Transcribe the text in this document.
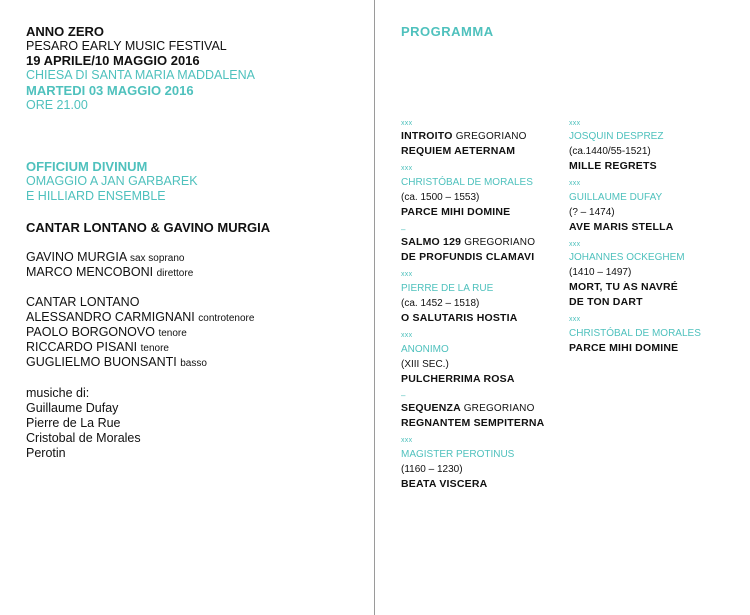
ANNO ZERO
PESARO EARLY MUSIC FESTIVAL
19 APRILE/10 MAGGIO 2016
CHIESA DI SANTA MARIA MADDALENA
MARTEDI 03 MAGGIO 2016
ORE 21.00
OFFICIUM DIVINUM
OMAGGIO A JAN GARBAREK
E HILLIARD ENSEMBLE
CANTAR LONTANO & GAVINO MURGIA
GAVINO MURGIA sax soprano
MARCO MENCOBONI direttore
CANTAR LONTANO
ALESSANDRO CARMIGNANI controtenore
PAOLO BORGONOVO tenore
RICCARDO PISANI tenore
GUGLIELMO BUONSANTI basso
musiche di:
Guillaume Dufay
Pierre de La Rue
Cristobal de Morales
Perotin
PROGRAMMA
xxx
INTROITO GREGORIANO
REQUIEM AETERNAM
xxx
CHRISTÓBAL DE MORALES
(ca. 1500 – 1553)
PARCE MIHI DOMINE
–
SALMO 129 GREGORIANO
DE PROFUNDIS CLAMAVI
xxx
PIERRE DE LA RUE
(ca. 1452 – 1518)
O SALUTARIS HOSTIA
xxx
ANONIMO
(XIII SEC.)
PULCHERRIMA ROSA
–
SEQUENZA GREGORIANO
REGNANTEM SEMPITERNA
xxx
MAGISTER PEROTINUS
(1160 – 1230)
BEATA VISCERA
xxx
JOSQUIN DESPREZ
(ca.1440/55-1521)
MILLE REGRETS
xxx
GUILLAUME DUFAY
(? – 1474)
AVE MARIS STELLA
xxx
JOHANNES OCKEGHEM
(1410 – 1497)
MORT, TU AS NAVRÉ
DE TON DART
xxx
CHRISTÓBAL DE MORALES
PARCE MIHI DOMINE
